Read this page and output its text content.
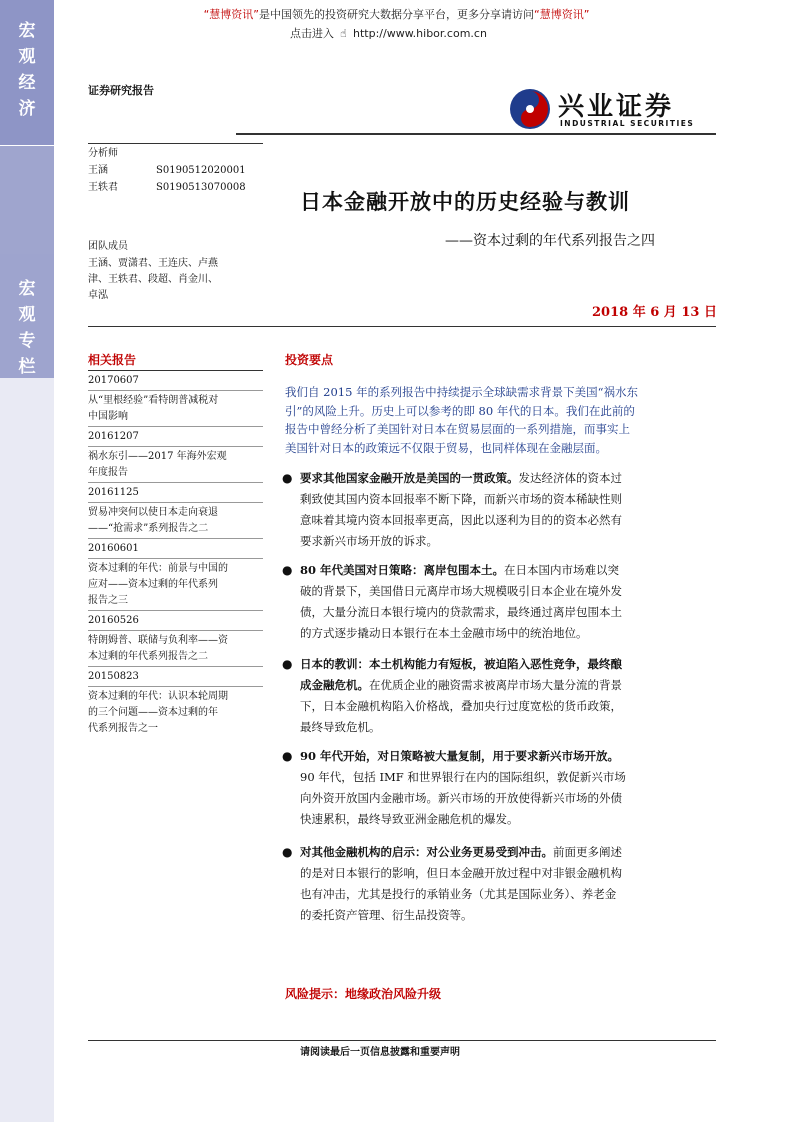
“慧博资讯”是中国领先的投资研究大数据分享平台，更多分享请访问“慧博资讯”
点击进入 ☝ http://www.hibor.com.cn
宏
观
经
济
宏
观
专
栏
证券研究报告
兴业证券
INDUSTRIAL SECURITIES
分析师
王涵	S0190512020001
王轶君	S0190513070008
团队成员
王涵、贾潇君、王连庆、卢燕
津、王轶君、段超、肖金川、
卓泓
日本金融开放中的历史经验与教训
——资本过剩的年代系列报告之四
2018 年 6 月 13 日
相关报告
20170607
从“里根经验”看特朗普减税对
中国影响
20161207
祸水东引——2017 年海外宏观
年度报告
20161125
贸易冲突何以使日本走向衰退
——“抢需求”系列报告之二
20160601
资本过剩的年代：前景与中国的
应对——资本过剩的年代系列
报告之三
20160526
特朗姆普、联储与负利率——资
本过剩的年代系列报告之二
20150823
资本过剩的年代：认识本轮周期
的三个问题——资本过剩的年
代系列报告之一
投资要点
我们自 2015 年的系列报告中持续提示全球缺需求背景下美国“祸水东
引”的风险上升。历史上可以参考的即 80 年代的日本。我们在此前的
报告中曾经分析了美国针对日本在贸易层面的一系列措施，而事实上
美国针对日本的政策远不仅限于贸易，也同样体现在金融层面。
● 要求其他国家金融开放是美国的一贯政策。发达经济体的资本过
剩致使其国内资本回报率不断下降，而新兴市场的资本稀缺性则
意味着其境内资本回报率更高，因此以逐利为目的的资本必然有
要求新兴市场开放的诉求。
● 80 年代美国对日策略：离岸包围本土。在日本国内市场难以突
破的背景下，美国借日元离岸市场大规模吸引日本企业在境外发
债，大量分流日本银行境内的贷款需求，最终通过离岸包围本土
的方式逐步撬动日本银行在本土金融市场中的统治地位。
● 日本的教训：本土机构能力有短板，被迫陷入恶性竞争，最终酿
成金融危机。在优质企业的融资需求被离岸市场大量分流的背景
下，日本金融机构陷入价格战，叠加央行过度宽松的货币政策，
最终导致危机。
● 90 年代开始，对日策略被大量复制，用于要求新兴市场开放。
90 年代，包括 IMF 和世界银行在内的国际组织，敦促新兴市场
向外资开放国内金融市场。新兴市场的开放使得新兴市场的外债
快速累积，最终导致亚洲金融危机的爆发。
● 对其他金融机构的启示：对公业务更易受到冲击。前面更多阐述
的是对日本银行的影响，但日本金融开放过程中对非银金融机构
也有冲击，尤其是投行的承销业务（尤其是国际业务）、养老金
的委托资产管理、衍生品投资等。
风险提示：地缘政治风险升级
请阅读最后一页信息披露和重要声明
